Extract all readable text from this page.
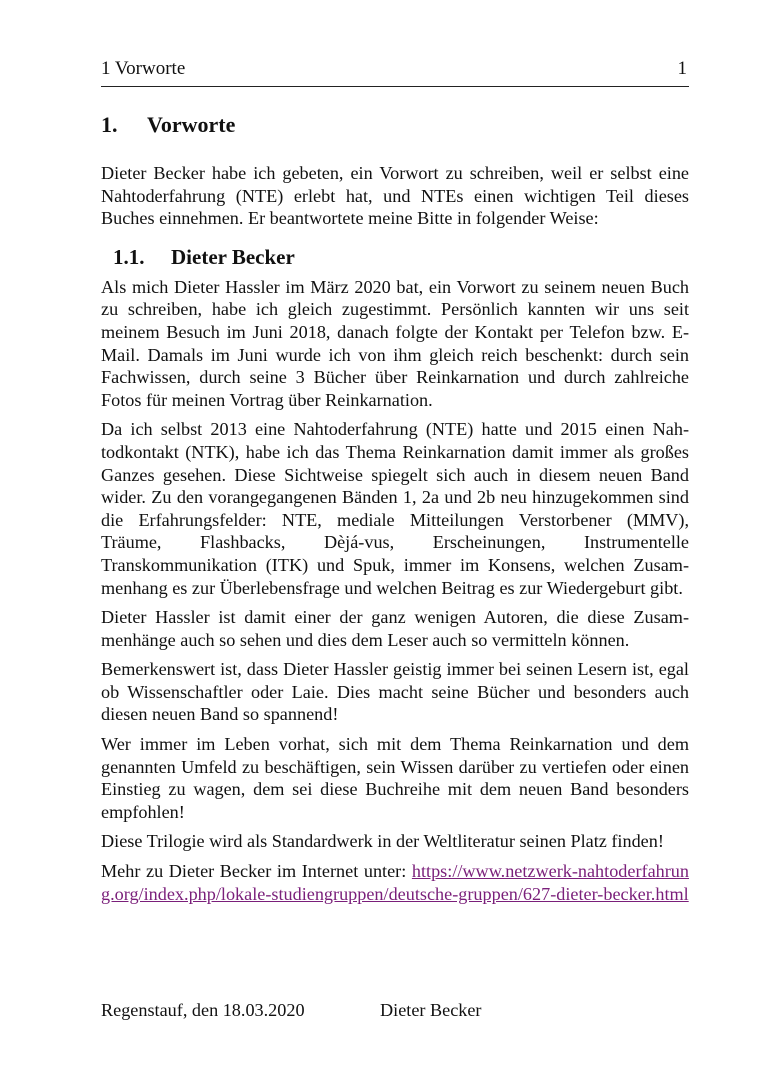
1 Vorworte	1
1. Vorworte

Dieter Becker habe ich gebeten, ein Vorwort zu schreiben, weil er selbst eine Nahtoderfahrung (NTE) erlebt hat, und NTEs einen wichtigen Teil dieses Buches einnehmen. Er beantwortete meine Bitte in folgender Weise:

1.1. Dieter Becker

Als mich Dieter Hassler im März 2020 bat, ein Vorwort zu seinem neuen Buch zu schreiben, habe ich gleich zugestimmt. Persönlich kannten wir uns seit meinem Besuch im Juni 2018, danach folgte der Kontakt per Telefon bzw. E-Mail. Damals im Juni wurde ich von ihm gleich reich beschenkt: durch sein Fachwissen, durch seine 3 Bücher über Reinkarnation und durch zahlreiche Fotos für meinen Vortrag über Reinkarnation.

Da ich selbst 2013 eine Nahtoderfahrung (NTE) hatte und 2015 einen Nahtodkontakt (NTK), habe ich das Thema Reinkarnation damit immer als großes Ganzes gesehen. Diese Sichtweise spiegelt sich auch in diesem neuen Band wider. Zu den vorangegangenen Bänden 1, 2a und 2b neu hinzugekommen sind die Erfahrungsfelder: NTE, mediale Mitteilungen Verstorbener (MMV), Träume, Flashbacks, Dèjá-vus, Erscheinungen, Instrumentelle Transkommunikation (ITK) und Spuk, immer im Konsens, welchen Zusammenhang es zur Überlebensfrage und welchen Beitrag es zur Wiedergeburt gibt.

Dieter Hassler ist damit einer der ganz wenigen Autoren, die diese Zusammenhänge auch so sehen und dies dem Leser auch so vermitteln können.

Bemerkenswert ist, dass Dieter Hassler geistig immer bei seinen Lesern ist, egal ob Wissenschaftler oder Laie. Dies macht seine Bücher und besonders auch diesen neuen Band so spannend!

Wer immer im Leben vorhat, sich mit dem Thema Reinkarnation und dem genannten Umfeld zu beschäftigen, sein Wissen darüber zu vertiefen oder einen Einstieg zu wagen, dem sei diese Buchreihe mit dem neuen Band besonders empfohlen!

Diese Trilogie wird als Standardwerk in der Weltliteratur seinen Platz finden!

Mehr zu Dieter Becker im Internet unter: https://www.netzwerk-nahtoderfahrung.org/index.php/lokale-studiengruppen/deutsche-gruppen/627-dieter-becker.html

Regenstauf, den 18.03.2020	Dieter Becker
